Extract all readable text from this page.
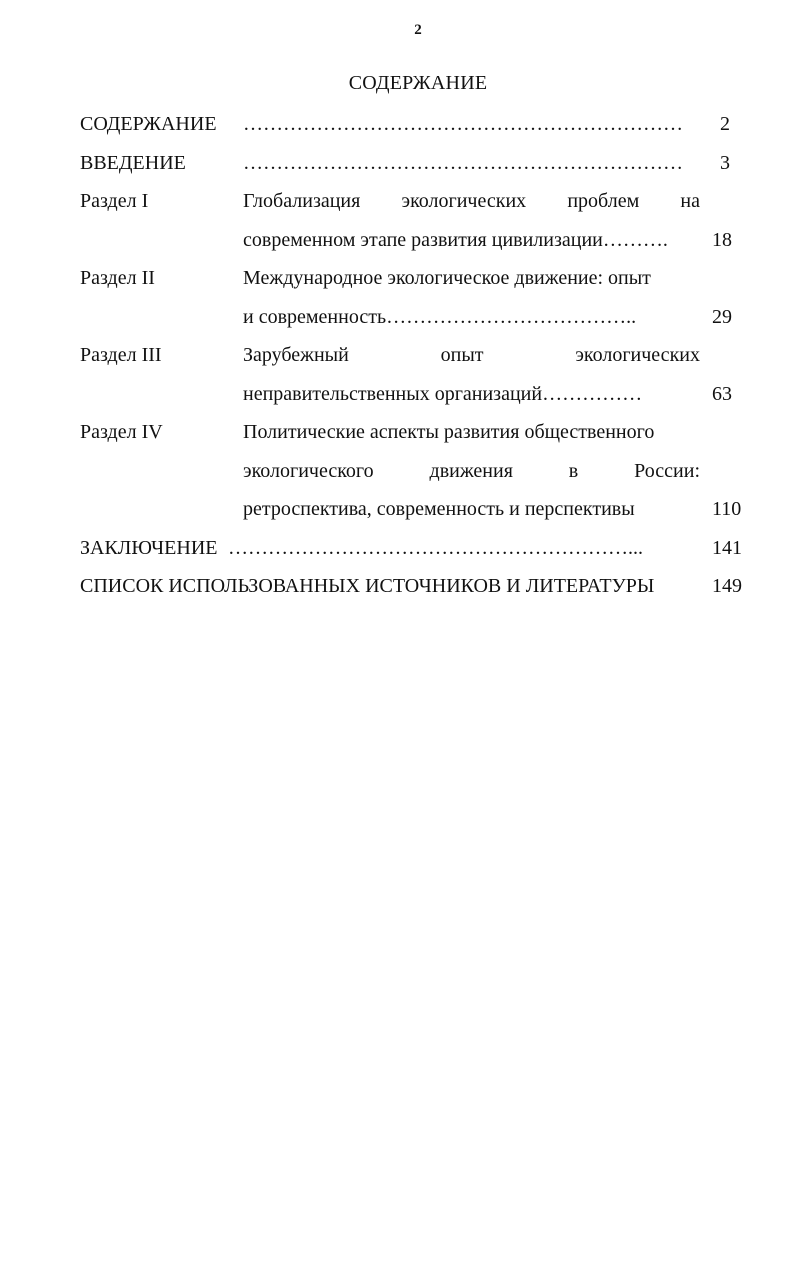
2
СОДЕРЖАНИЕ
СОДЕРЖАНИЕ …………………………………………………………	2
ВВЕДЕНИЕ	…………………………………………………………	3
Раздел I	Глобализация экологических проблем на
современном этапе развития цивилизации……….	18
Раздел II	Международное экологическое движение: опыт
и современность………………………………..	29
Раздел III	Зарубежный	опыт	экологических
неправительственных организаций……………	63
Раздел IV	Политические аспекты развития общественного
экологического	движения	в	России:
ретроспектива, современность и перспективы	110
ЗАКЛЮЧЕНИЕ ……………………………………………………...	141
СПИСОК ИСПОЛЬЗОВАННЫХ ИСТОЧНИКОВ И ЛИТЕРАТУРЫ	149
